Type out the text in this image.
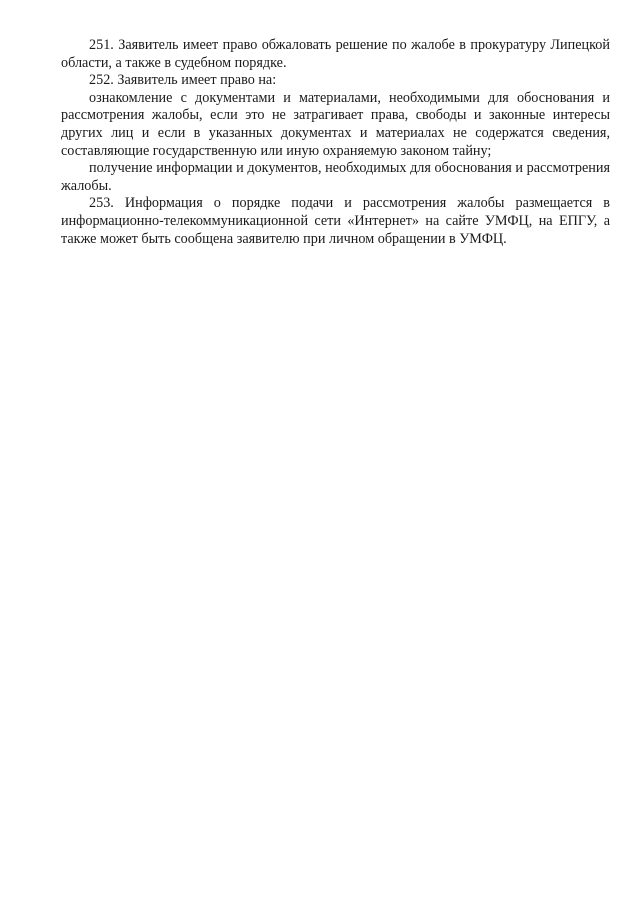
251. Заявитель имеет право обжаловать решение по жалобе в прокуратуру Липецкой области, а также в судебном порядке.

252. Заявитель имеет право на:

ознакомление с документами и материалами, необходимыми для обоснования и рассмотрения жалобы, если это не затрагивает права, свободы и законные интересы других лиц и если в указанных документах и материалах не содержатся сведения, составляющие государственную или иную охраняемую законом тайну;

получение информации и документов, необходимых для обоснования и рассмотрения жалобы.

253. Информация о порядке подачи и рассмотрения жалобы размещается в информационно-телекоммуникационной сети «Интернет» на сайте УМФЦ, на ЕПГУ, а также может быть сообщена заявителю при личном обращении в УМФЦ.
